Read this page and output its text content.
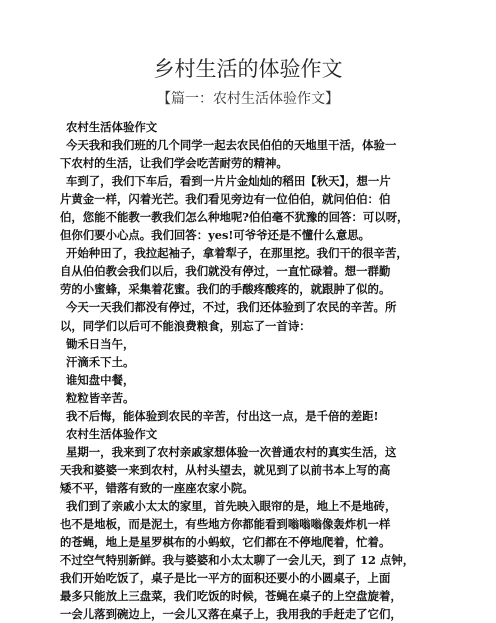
乡村生活的体验作文
【篇一：农村生活体验作文】
农村生活体验作文
今天我和我们班的几个同学一起去农民伯伯的天地里干活，体验一
下农村的生活，让我们学会吃苦耐劳的精神。
车到了，我们下车后，看到一片片金灿灿的稻田【秋天】，想一片
片黄金一样，闪着光芒。我们看见旁边有一位伯伯，就问伯伯：伯
伯，您能不能教一教我们怎么种地呢?伯伯毫不犹豫的回答：可以呀，
但你们要小心点。我们回答：yes!可爷爷还是不懂什么意思。
开始种田了，我拉起袖子，拿着犁子，在那里挖。我们干的很辛苦，
自从伯伯教会我们以后，我们就没有停过，一直忙碌着。想一群勤
劳的小蜜蜂，采集着花蜜。我们的手酸疼酸疼的，就跟肿了似的。
今天一天我们都没有停过，不过，我们还体验到了农民的辛苦。所
以，同学们以后可不能浪费粮食，别忘了一首诗：
锄禾日当午，
汗滴禾下土。
谁知盘中餐，
粒粒皆辛苦。
我不后悔，能体验到农民的辛苦，付出这一点，是千倍的差距!
农村生活体验作文
星期一，我来到了农村亲戚家想体验一次普通农村的真实生活，这
天我和婆婆一来到农村，从村头望去，就见到了以前书本上写的高
矮不平，错落有致的一座座农家小院。
我们到了亲戚小太太的家里，首先映入眼帘的是，地上不是地砖，
也不是地板，而是泥土，有些地方你都能看到嗡嗡嗡像轰炸机一样
的苍蝇，地上是星罗棋布的小蚂蚁，它们都在不停地爬着，忙着。
不过空气特别新鲜。我与婆婆和小太太聊了一会儿天，到了 12 点钟，
我们开始吃饭了，桌子是比一平方的面积还要小的小圆桌子，上面
最多只能放上三盘菜，我们吃饭的时候，苍蝇在桌子的上空盘旋着，
一会儿落到碗边上，一会儿又落在桌子上，我用我的手赶走了它们，
